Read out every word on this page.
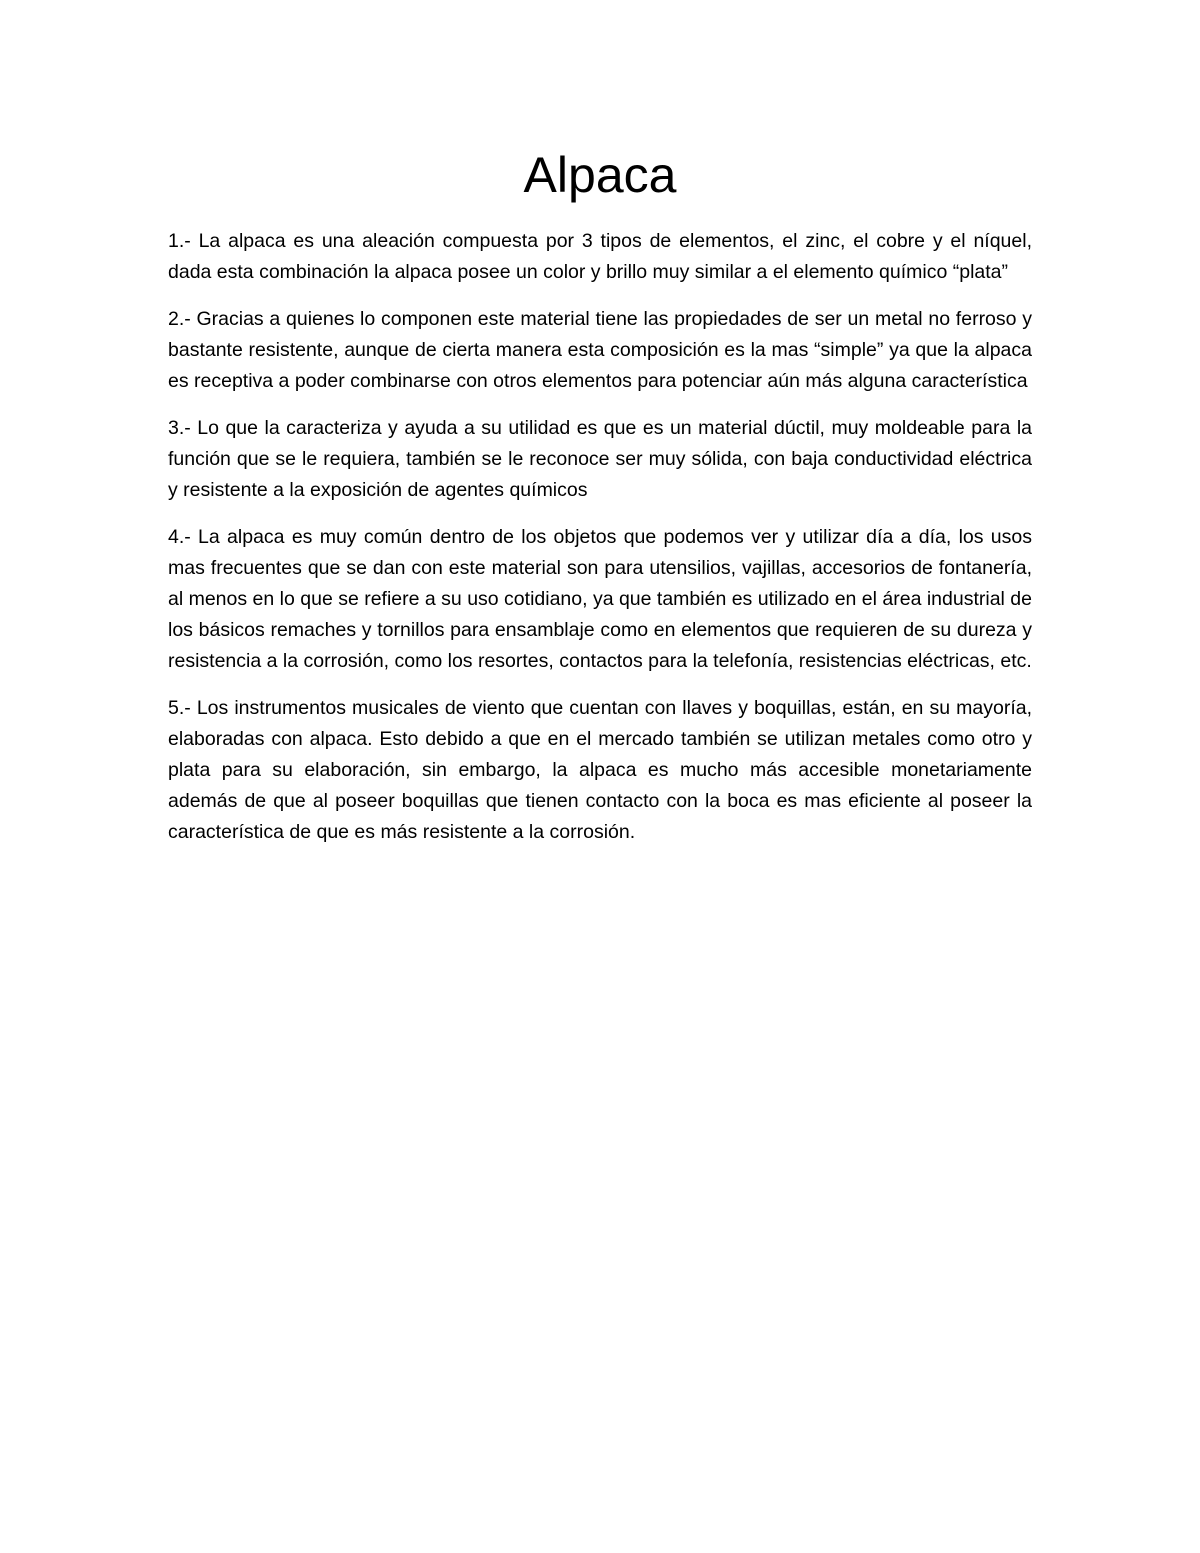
Alpaca

1.- La alpaca es una aleación compuesta por 3 tipos de elementos, el zinc, el cobre y el níquel, dada esta combinación la alpaca posee un color y brillo muy similar a el elemento químico “plata”

2.- Gracias a quienes lo componen este material tiene las propiedades de ser un metal no ferroso y bastante resistente, aunque de cierta manera esta composición es la mas “simple” ya que la alpaca es receptiva a poder combinarse con otros elementos para potenciar aún más alguna característica

3.- Lo que la caracteriza y ayuda a su utilidad es que es un material dúctil, muy moldeable para la función que se le requiera, también se le reconoce ser muy sólida, con baja conductividad eléctrica y resistente a la exposición de agentes químicos

4.- La alpaca es muy común dentro de los objetos que podemos ver y utilizar día a día, los usos mas frecuentes que se dan con este material son para utensilios, vajillas, accesorios de fontanería, al menos en lo que se refiere a su uso cotidiano, ya que también es utilizado en el área industrial de los básicos remaches y tornillos para ensamblaje como en elementos que requieren de su dureza y resistencia a la corrosión, como los resortes, contactos para la telefonía, resistencias eléctricas, etc.

5.- Los instrumentos musicales de viento que cuentan con llaves y boquillas, están, en su mayoría, elaboradas con alpaca. Esto debido a que en el mercado también se utilizan metales como otro y plata para su elaboración, sin embargo, la alpaca es mucho más accesible monetariamente además de que al poseer boquillas que tienen contacto con la boca es mas eficiente al poseer la característica de que es más resistente a la corrosión.
